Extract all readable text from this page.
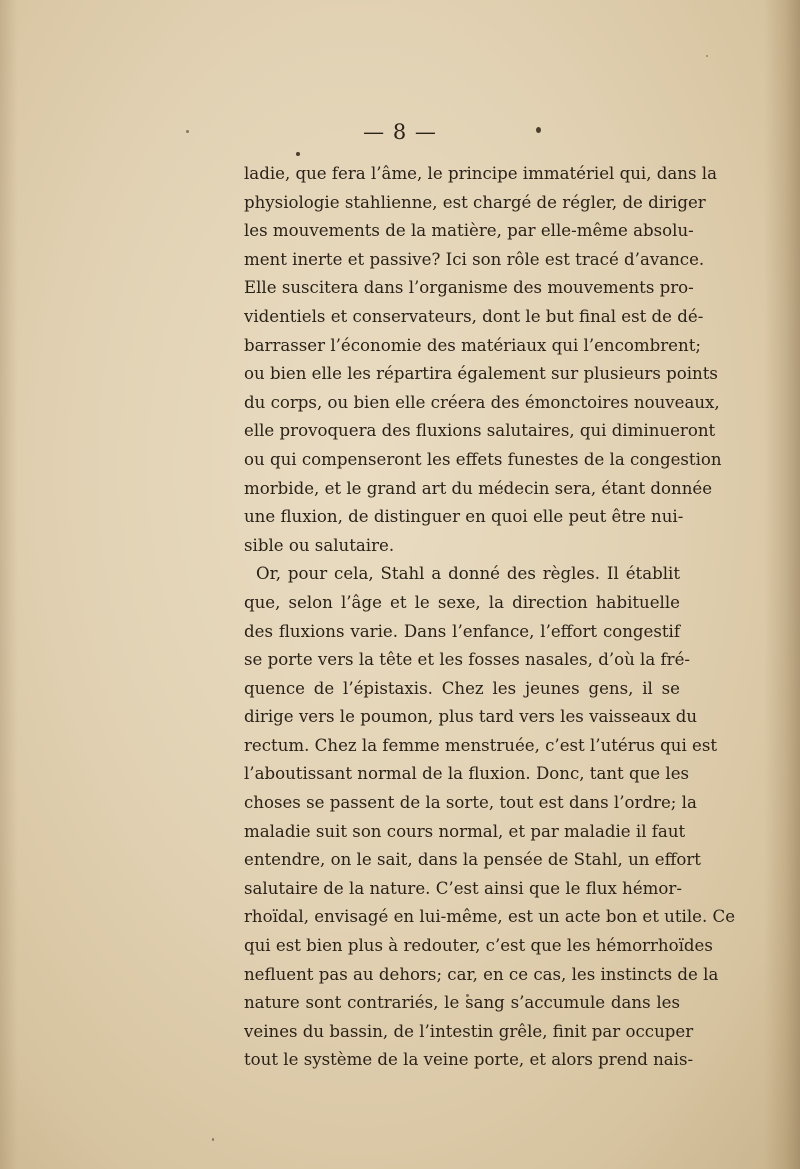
— 8 —
ladie, que fera l’âme, le principe immatériel qui, dans la
physiologie stahlienne, est chargé de régler, de diriger
les mouvements de la matière, par elle-même absolu-
ment inerte et passive? Ici son rôle est tracé d’avance.
Elle suscitera dans l’organisme des mouvements pro-
videntiels et conservateurs, dont le but final est de dé-
barrasser l’économie des matériaux qui l’encombrent;
ou bien elle les répartira également sur plusieurs points
du corps, ou bien elle créera des émonctoires nouveaux,
elle provoquera des fluxions salutaires, qui diminueront
ou qui compenseront les effets funestes de la congestion
morbide, et le grand art du médecin sera, étant donnée
une fluxion, de distinguer en quoi elle peut être nui-
sible ou salutaire.
Or, pour cela, Stahl a donné des règles. Il établit
que, selon l’âge et le sexe, la direction habituelle
des fluxions varie. Dans l’enfance, l’effort congestif
se porte vers la tête et les fosses nasales, d’où la fré-
quence de l’épistaxis. Chez les jeunes gens, il se
dirige vers le poumon, plus tard vers les vaisseaux du
rectum. Chez la femme menstruée, c’est l’utérus qui est
l’aboutissant normal de la fluxion. Donc, tant que les
choses se passent de la sorte, tout est dans l’ordre; la
maladie suit son cours normal, et par maladie il faut
entendre, on le sait, dans la pensée de Stahl, un effort
salutaire de la nature. C’est ainsi que le flux hémor-
rhoïdal, envisagé en lui-même, est un acte bon et utile. Ce
qui est bien plus à redouter, c’est que les hémorrhoïdes
nefluent pas au dehors; car, en ce cas, les instincts de la
nature sont contrariés, le sang s’accumule dans les
veines du bassin, de l’intestin grêle, finit par occuper
tout le système de la veine porte, et alors prend nais-
